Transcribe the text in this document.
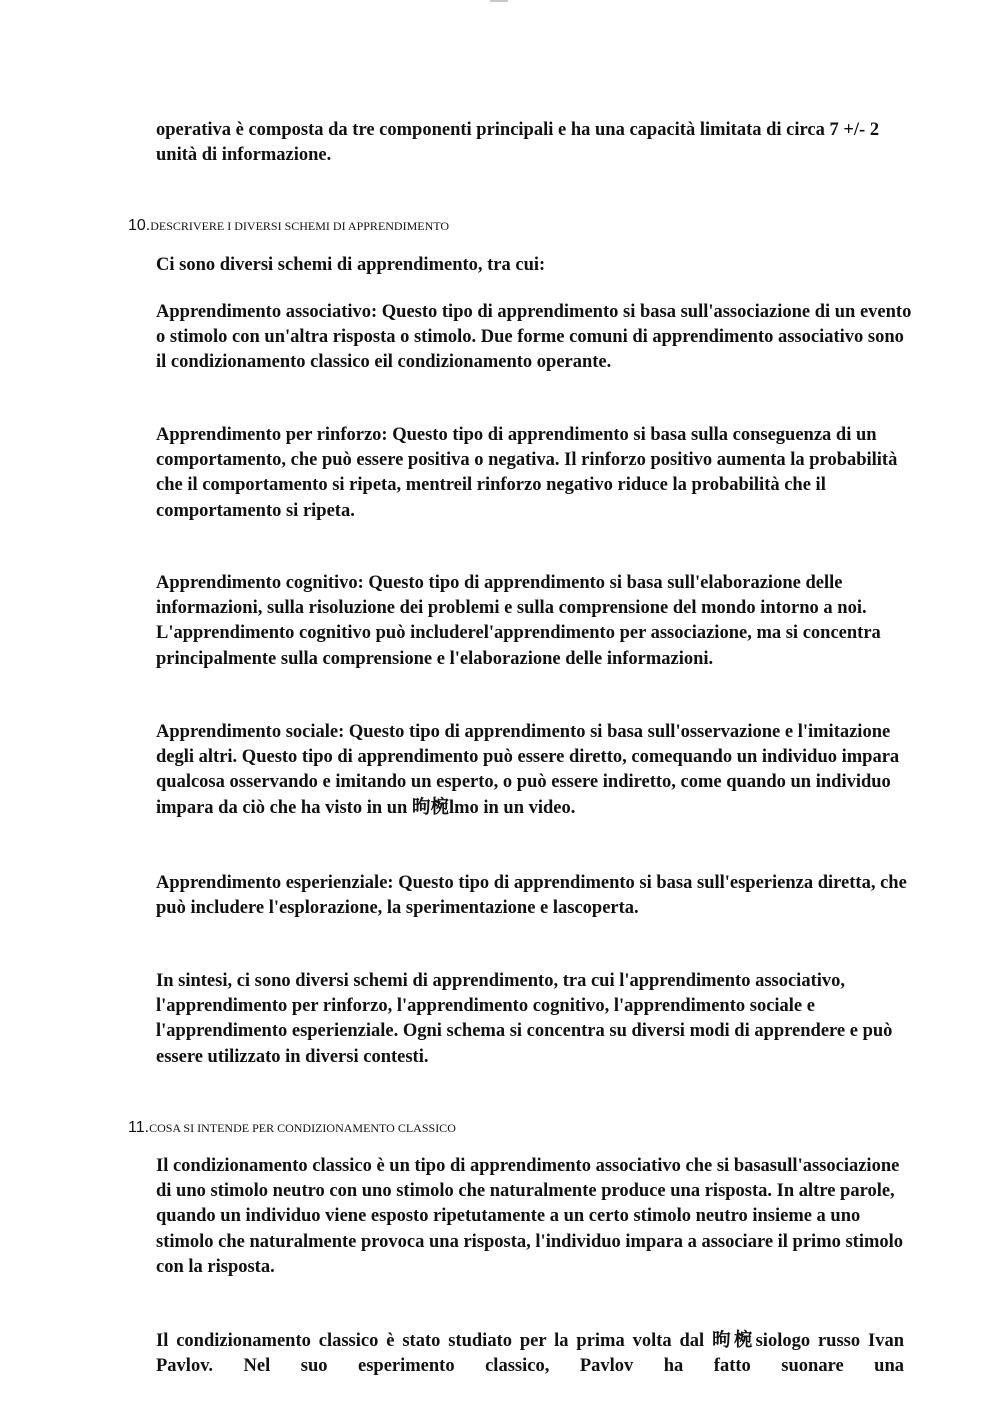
operativa è composta da tre componenti principali e ha una capacità limitata di circa 7 +/- 2 unità di informazione.

10.DESCRIVERE I DIVERSI SCHEMI DI APPRENDIMENTO

Ci sono diversi schemi di apprendimento, tra cui:

Apprendimento associativo: Questo tipo di apprendimento si basa sull'associazione di un evento o stimolo con un'altra risposta o stimolo. Due forme comuni di apprendimento associativo sono il condizionamento classico eil condizionamento operante.

Apprendimento per rinforzo: Questo tipo di apprendimento si basa sulla conseguenza di un comportamento, che può essere positiva o negativa. Il rinforzo positivo aumenta la probabilità che il comportamento si ripeta, mentreil rinforzo negativo riduce la probabilità che il comportamento si ripeta.

Apprendimento cognitivo: Questo tipo di apprendimento si basa sull'elaborazione delle informazioni, sulla risoluzione dei problemi e sulla comprensione del mondo intorno a noi. L'apprendimento cognitivo può includerel'apprendimento per associazione, ma si concentra principalmente sulla comprensione e l'elaborazione delle informazioni.

Apprendimento sociale: Questo tipo di apprendimento si basa sull'osservazione e l'imitazione degli altri. Questo tipo di apprendimento può essere diretto, comequando un individuo impara qualcosa osservando e imitando un esperto, o può essere indiretto, come quando un individuo impara da ciò che ha visto in un 昫椀lmo in un video.

Apprendimento esperienziale: Questo tipo di apprendimento si basa sull'esperienza diretta, che può includere l'esplorazione, la sperimentazione e lascoperta.

In sintesi, ci sono diversi schemi di apprendimento, tra cui l'apprendimento associativo, l'apprendimento per rinforzo, l'apprendimento cognitivo, l'apprendimento sociale e l'apprendimento esperienziale. Ogni schema si concentra su diversi modi di apprendere e può essere utilizzato in diversi contesti.

11.COSA SI INTENDE PER CONDIZIONAMENTO CLASSICO

Il condizionamento classico è un tipo di apprendimento associativo che si basasull'associazione di uno stimolo neutro con uno stimolo che naturalmente produce una risposta. In altre parole, quando un individuo viene esposto ripetutamente a un certo stimolo neutro insieme a uno stimolo che naturalmente provoca una risposta, l'individuo impara a associare il primo stimolo con la risposta.

Il condizionamento classico è stato studiato per la prima volta dal 昫椀siologo russo Ivan Pavlov. Nel suo esperimento classico, Pavlov ha fatto suonare una
